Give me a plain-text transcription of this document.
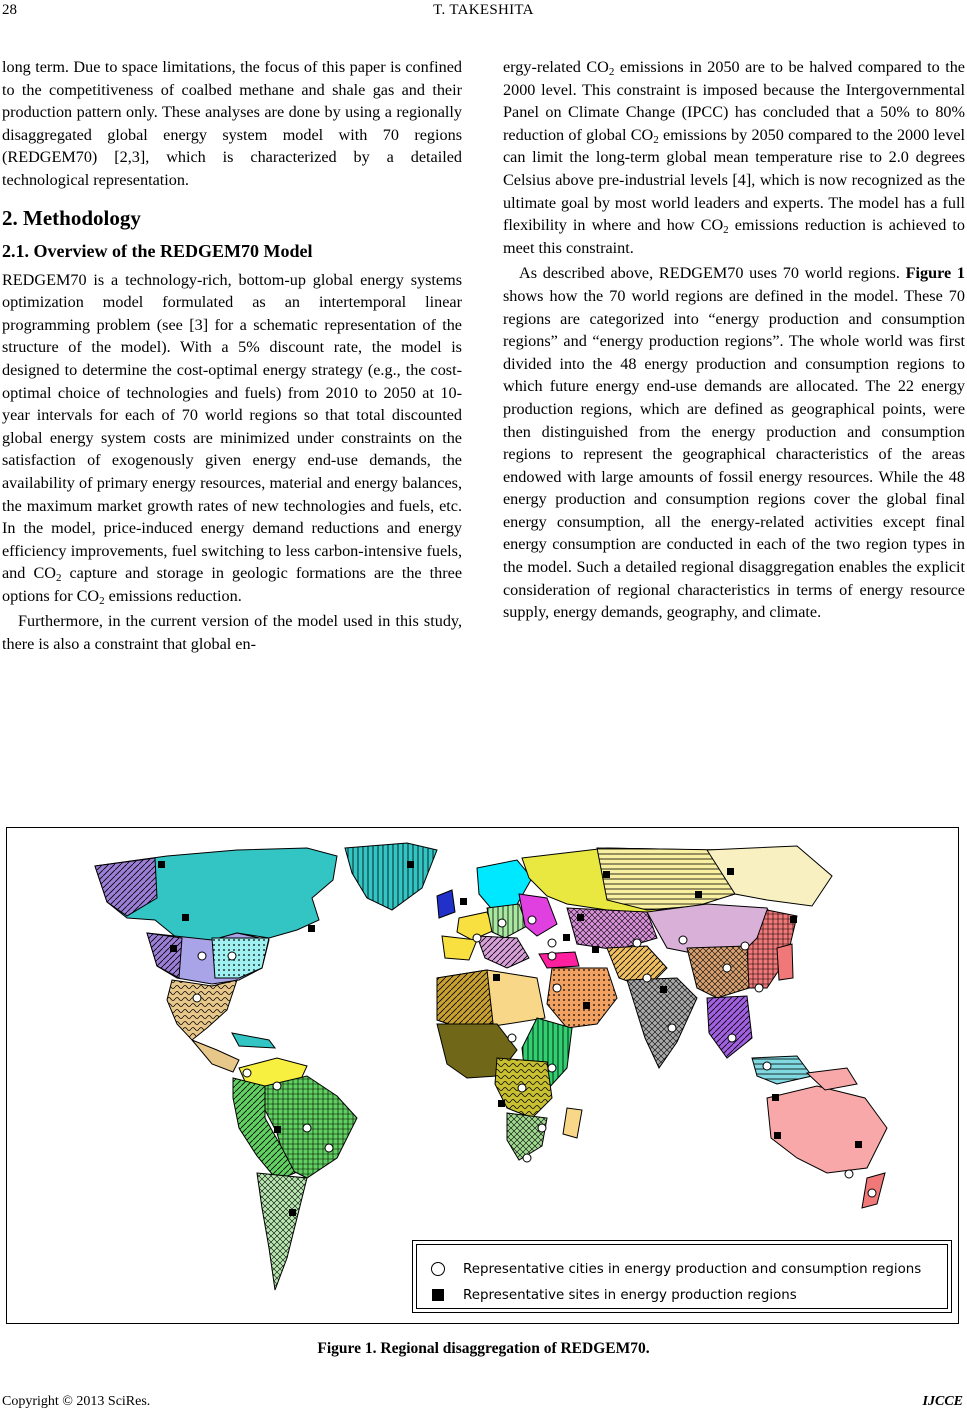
28	T. TAKESHITA

long term. Due to space limitations, the focus of this paper is confined to the competitiveness of coalbed methane and shale gas and their production pattern only. These analyses are done by using a regionally disaggregated global energy system model with 70 regions (REDGEM70) [2,3], which is characterized by a detailed technological representation.

2. Methodology
2.1. Overview of the REDGEM70 Model

REDGEM70 is a technology-rich, bottom-up global energy systems optimization model formulated as an intertemporal linear programming problem (see [3] for a schematic representation of the structure of the model). With a 5% discount rate, the model is designed to determine the cost-optimal energy strategy (e.g., the cost-optimal choice of technologies and fuels) from 2010 to 2050 at 10-year intervals for each of 70 world regions so that total discounted global energy system costs are minimized under constraints on the satisfaction of exogenously given energy end-use demands, the availability of primary energy resources, material and energy balances, the maximum market growth rates of new technologies and fuels, etc. In the model, price-induced energy demand reductions and energy efficiency improvements, fuel switching to less carbon-intensive fuels, and $CO_2$ capture and storage in geologic formations are the three options for $CO_2$ emissions reduction.

Furthermore, in the current version of the model used in this study, there is also a constraint that global en-

ergy-related $CO_2$ emissions in 2050 are to be halved compared to the 2000 level. This constraint is imposed because the Intergovernmental Panel on Climate Change (IPCC) has concluded that a 50% to 80% reduction of global $CO_2$ emissions by 2050 compared to the 2000 level can limit the long-term global mean temperature rise to 2.0 degrees Celsius above pre-industrial levels [4], which is now recognized as the ultimate goal by most world leaders and experts. The model has a full flexibility in where and how $CO_2$ emissions reduction is achieved to meet this constraint.

As described above, REDGEM70 uses 70 world regions. Figure 1 shows how the 70 world regions are defined in the model. These 70 regions are categorized into “energy production and consumption regions” and “energy production regions”. The whole world was first divided into the 48 energy production and consumption regions to which future energy end-use demands are allocated. The 22 energy production regions, which are defined as geographical points, were then distinguished from the energy production and consumption regions to represent the geographical characteristics of the areas endowed with large amounts of fossil energy resources. While the 48 energy production and consumption regions cover the global final energy consumption, all the energy-related activities except final energy consumption are conducted in each of the two region types in the model. Such a detailed regional disaggregation enables the explicit consideration of regional characteristics in terms of energy resource supply, energy demands, geography, and climate.

Representative cities in energy production and consumption regions
Representative sites in energy production regions
Figure 1. Regional disaggregation of REDGEM70.
Copyright © 2013 SciRes.	IJCCE
